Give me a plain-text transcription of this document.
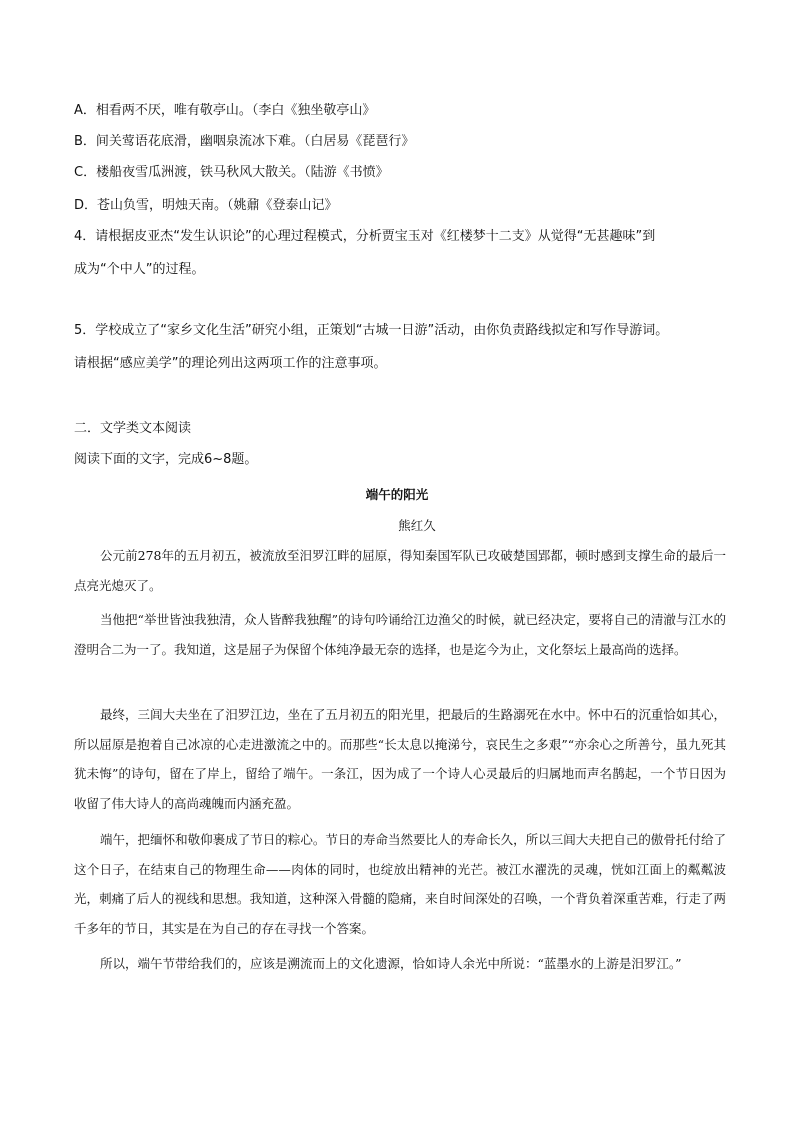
A．相看两不厌，唯有敬亭山。（李白《独坐敬亭山》
B．间关莺语花底滑，幽咽泉流冰下难。（白居易《琵琶行》
C．楼船夜雪瓜洲渡，铁马秋风大散关。（陆游《书愤》
D．苍山负雪，明烛天南。（姚鼐《登泰山记》
4．请根据皮亚杰“发生认识论”的心理过程模式，分析贾宝玉对《红楼梦十二支》从觉得“无甚趣味”到
成为“个中人”的过程。
5．学校成立了“家乡文化生活”研究小组，正策划“古城一日游”活动，由你负责路线拟定和写作导游词。
请根据“感应美学”的理论列出这两项工作的注意事项。
二．文学类文本阅读
阅读下面的文字，完成6~8题。
端午的阳光
熊红久

公元前278年的五月初五，被流放至汨罗江畔的屈原，得知秦国军队已攻破楚国郢都，顿时感到支撑生命的最后一点亮光熄灭了。

当他把“举世皆浊我独清，众人皆醉我独醒”的诗句吟诵给江边渔父的时候，就已经决定，要将自己的清澈与江水的澄明合二为一了。我知道，这是屈子为保留个体纯净最无奈的选择，也是迄今为止，文化祭坛上最高尚的选择。

最终，三闾大夫坐在了汨罗江边，坐在了五月初五的阳光里，把最后的生路溺死在水中。怀中石的沉重恰如其心，所以屈原是抱着自己冰凉的心走进激流之中的。而那些“长太息以掩涕兮，哀民生之多艰”“亦余心之所善兮，虽九死其犹未悔”的诗句，留在了岸上，留给了端午。一条江，因为成了一个诗人心灵最后的归属地而声名鹊起，一个节日因为收留了伟大诗人的高尚魂魄而内涵充盈。

端午，把缅怀和敬仰裹成了节日的粽心。节日的寿命当然要比人的寿命长久，所以三闾大夫把自己的傲骨托付给了这个日子，在结束自己的物理生命——肉体的同时，也绽放出精神的光芒。被江水濯洗的灵魂，恍如江面上的粼粼波光，刺痛了后人的视线和思想。我知道，这种深入骨髓的隐痛，来自时间深处的召唤，一个背负着深重苦难，行走了两千多年的节日，其实是在为自己的存在寻找一个答案。

所以，端午节带给我们的，应该是溯流而上的文化遗源，恰如诗人余光中所说：“蓝墨水的上游是汨罗江。”
